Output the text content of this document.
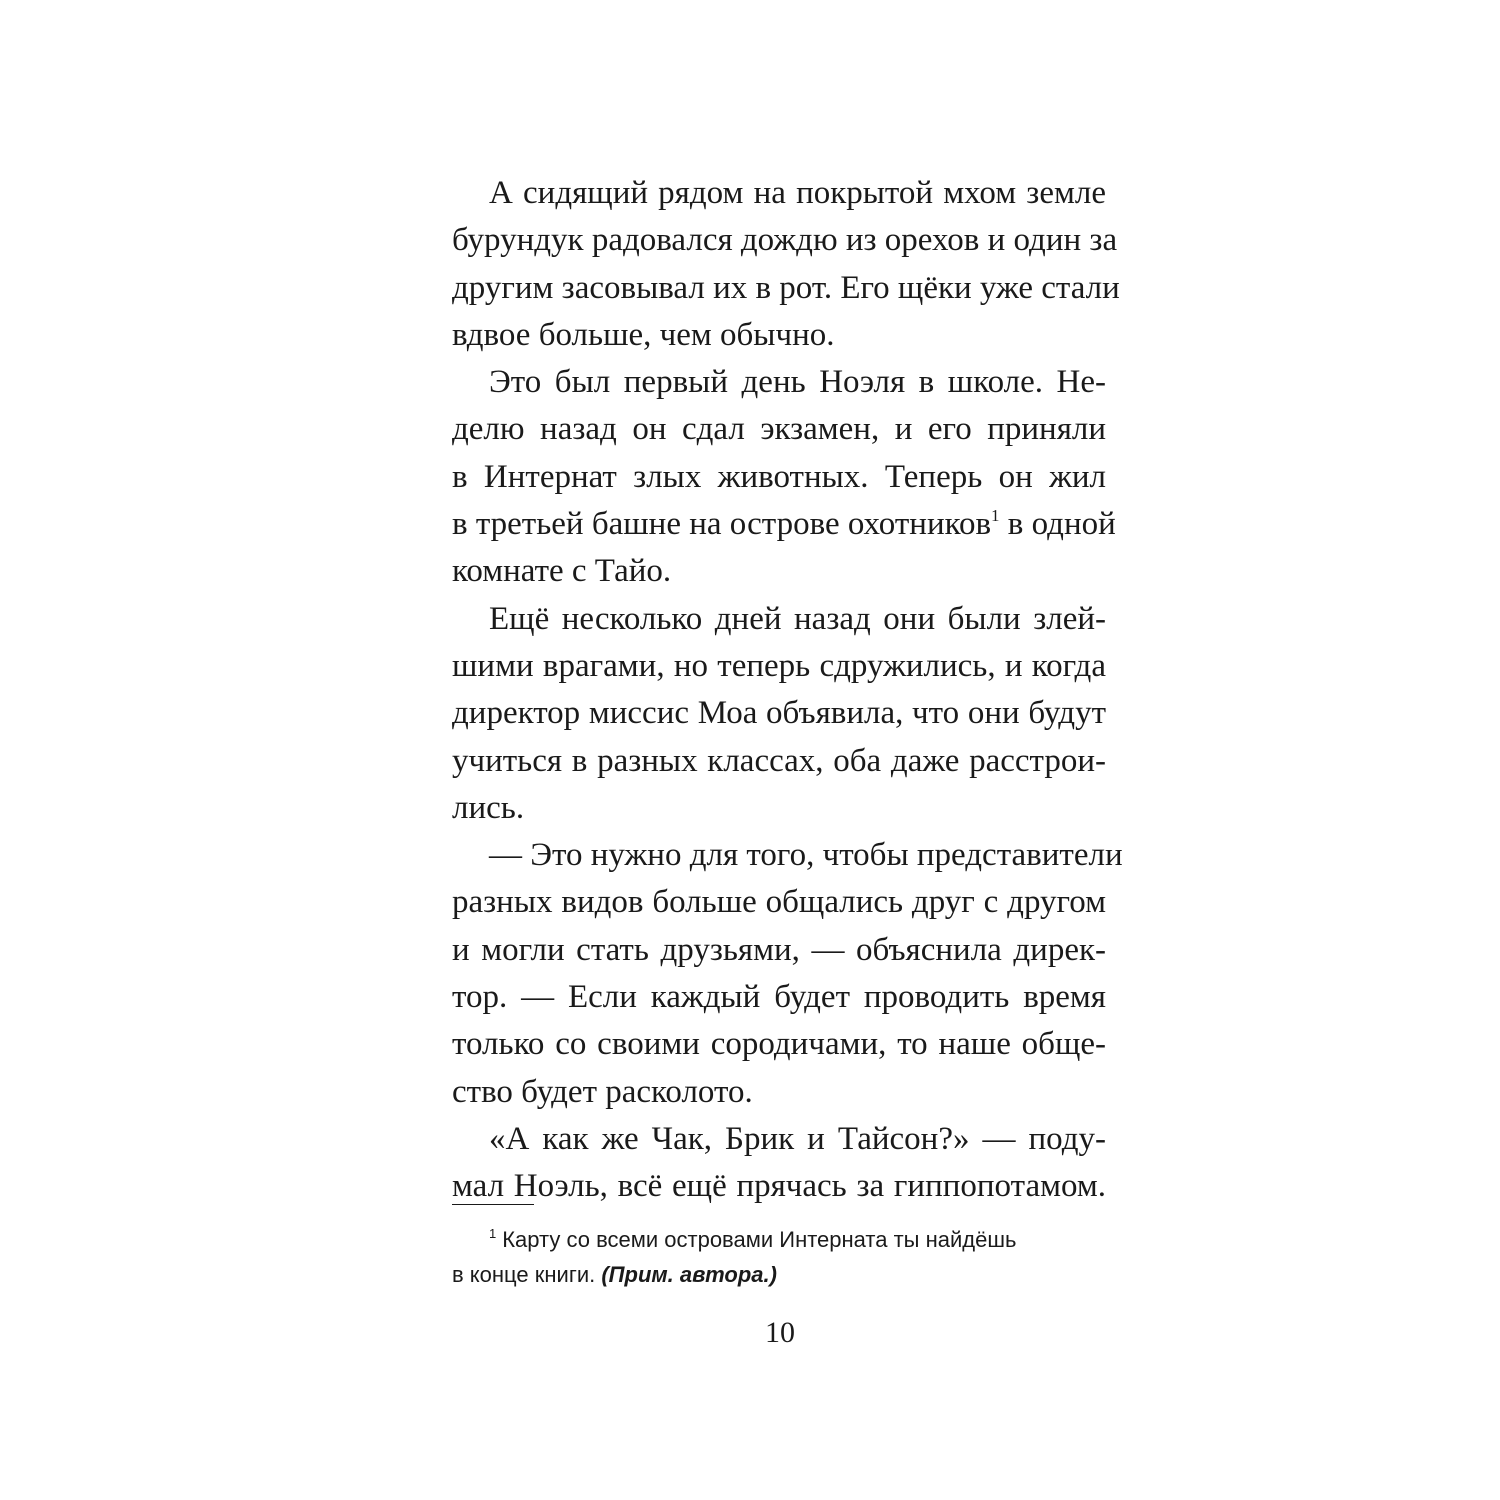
А сидящий рядом на покрытой мхом земле
бурундук радовался дождю из орехов и один за
другим засовывал их в рот. Его щёки уже стали
вдвое больше, чем обычно.
Это был первый день Ноэля в школе. Не-
делю назад он сдал экзамен, и его приняли
в Интернат злых животных. Теперь он жил
в третьей башне на острове охотников$^1$ в одной
комнате с Тайо.
Ещё несколько дней назад они были злей-
шими врагами, но теперь сдружились, и когда
директор миссис Моа объявила, что они будут
учиться в разных классах, оба даже расстрои-
лись.
— Это нужно для того, чтобы представители
разных видов больше общались друг с другом
и могли стать друзьями, — объяснила дирек-
тор. — Если каждый будет проводить время
только со своими сородичами, то наше обще-
ство будет расколото.
«А как же Чак, Брик и Тайсон?» — поду-
мал Ноэль, всё ещё прячась за гиппопотамом.
$^1$ Карту со всеми островами Интерната ты найдёшь
в конце книги. (Прим. автора.)
10
